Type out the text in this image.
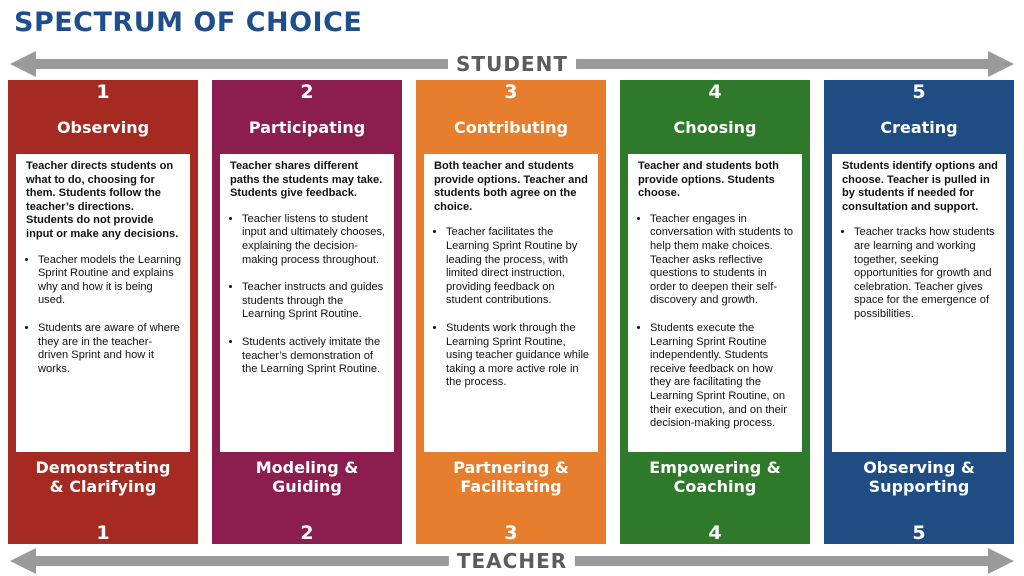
SPECTRUM OF CHOICE
STUDENT
1
Observing

Teacher directs students on what to do, choosing for them. Students follow the teacher’s directions. Students do not provide input or make any decisions.

• Teacher models the Learning Sprint Routine and explains why and how it is being used.
• Students are aware of where they are in the teacher-driven Sprint and how it works.
Demonstrating
& Clarifying
1
2
Participating

Teacher shares different paths the students may take. Students give feedback.

• Teacher listens to student input and ultimately chooses, explaining the decision-making process throughout.
• Teacher instructs and guides students through the Learning Sprint Routine.
• Students actively imitate the teacher’s demonstration of the Learning Sprint Routine.
Modeling &
Guiding
2
3
Contributing

Both teacher and students provide options. Teacher and students both agree on the choice.

• Teacher facilitates the Learning Sprint Routine by leading the process, with limited direct instruction, providing feedback on student contributions.
• Students work through the Learning Sprint Routine, using teacher guidance while taking a more active role in the process.
Partnering &
Facilitating
3
4
Choosing

Teacher and students both provide options. Students choose.

• Teacher engages in conversation with students to help them make choices. Teacher asks reflective questions to students in order to deepen their self-discovery and growth.
• Students execute the Learning Sprint Routine independently. Students receive feedback on how they are facilitating the Learning Sprint Routine, on their execution, and on their decision-making process.
Empowering &
Coaching
4
5
Creating

Students identify options and choose. Teacher is pulled in by students if needed for consultation and support.

• Teacher tracks how students are learning and working together, seeking opportunities for growth and celebration. Teacher gives space for the emergence of possibilities.
Observing &
Supporting
5
TEACHER
